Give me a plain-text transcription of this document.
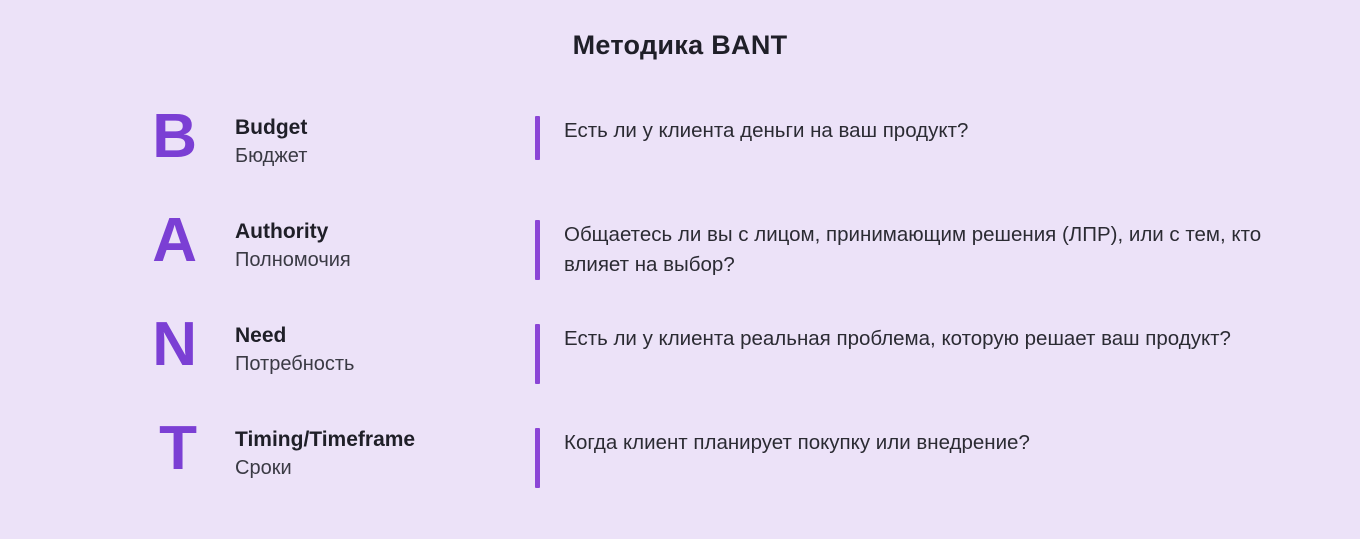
Методика BANT
B	Budget
Бюджет
Есть ли у клиента деньги на ваш продукт?
A	Authority
Полномочия
Общаетесь ли вы с лицом, принимающим решения (ЛПР), или с тем, кто влияет на выбор?
N	Need
Потребность
Есть ли у клиента реальная проблема, которую решает ваш продукт?
T	Timing/Timeframe
Сроки
Когда клиент планирует покупку или внедрение?
